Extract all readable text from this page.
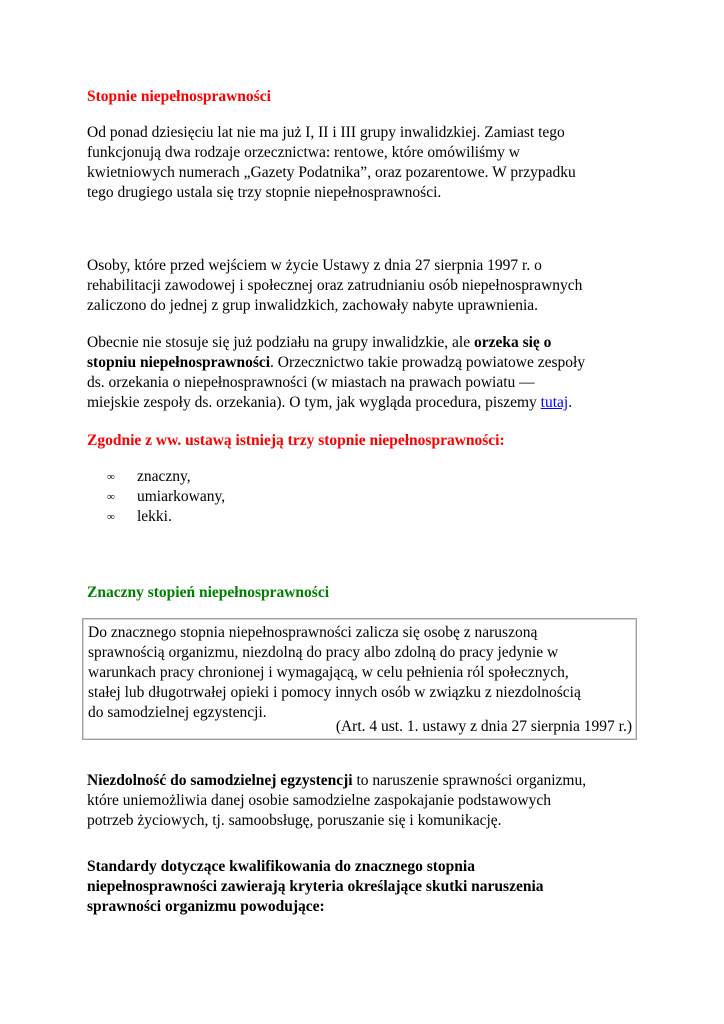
Stopnie niepełnosprawności
Od ponad dziesięciu lat nie ma już I, II i III grupy inwalidzkiej. Zamiast tego
funkcjonują dwa rodzaje orzecznictwa: rentowe, które omówiliśmy w
kwietniowych numerach „Gazety Podatnika”, oraz pozarentowe. W przypadku
tego drugiego ustala się trzy stopnie niepełnosprawności.
Osoby, które przed wejściem w życie Ustawy z dnia 27 sierpnia 1997 r. o
rehabilitacji zawodowej i społecznej oraz zatrudnianiu osób niepełnosprawnych
zaliczono do jednej z grup inwalidzkich, zachowały nabyte uprawnienia.
Obecnie nie stosuje się już podziału na grupy inwalidzkie, ale orzeka się o
stopniu niepełnosprawności. Orzecznictwo takie prowadzą powiatowe zespoły
ds. orzekania o niepełnosprawności (w miastach na prawach powiatu —
miejskie zespoły ds. orzekania). O tym, jak wygląda procedura, piszemy tutaj.
Zgodnie z ww. ustawą istnieją trzy stopnie niepełnosprawności:
∞ znaczny,
∞ umiarkowany,
∞ lekki.
Znaczny stopień niepełnosprawności
Niezdolność do samodzielnej egzystencji to naruszenie sprawności organizmu,
które uniemożliwia danej osobie samodzielne zaspokajanie podstawowych
potrzeb życiowych, tj. samoobsługę, poruszanie się i komunikację.
Standardy dotyczące kwalifikowania do znacznego stopnia
niepełnosprawności zawierają kryteria określające skutki naruszenia
sprawności organizmu powodujące:
Do znacznego stopnia niepełnosprawności zalicza się osobę z naruszoną
sprawnością organizmu, niezdolną do pracy albo zdolną do pracy jedynie w
warunkach pracy chronionej i wymagającą, w celu pełnienia ról społecznych,
stałej lub długotrwałej opieki i pomocy innych osób w związku z niezdolnością
do samodzielnej egzystencji.
(Art. 4 ust. 1. ustawy z dnia 27 sierpnia 1997 r.)
